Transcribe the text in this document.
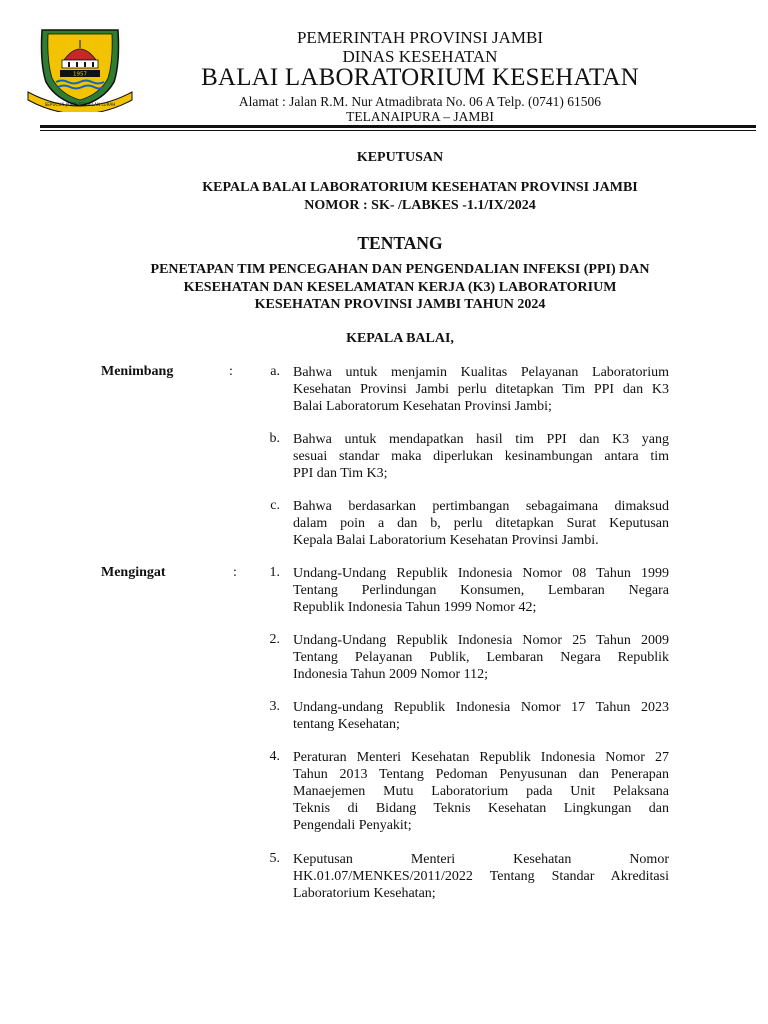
1957
SEPUCUK JAMBI SEMBILAN LURAH
PEMERINTAH PROVINSI JAMBI
DINAS KESEHATAN
BALAI LABORATORIUM KESEHATAN
Alamat : Jalan R.M. Nur Atmadibrata No. 06 A Telp. (0741) 61506
TELANAIPURA – JAMBI
KEPUTUSAN
KEPALA BALAI LABORATORIUM KESEHATAN PROVINSI JAMBI
NOMOR : SK- /LABKES -1.1/IX/2024
TENTANG
PENETAPAN TIM PENCEGAHAN DAN PENGENDALIAN INFEKSI (PPI) DAN
KESEHATAN DAN KESELAMATAN KERJA (K3) LABORATORIUM
KESEHATAN PROVINSI JAMBI TAHUN 2024
KEPALA BALAI,
Menimbang	:	a. Bahwa untuk menjamin Kualitas Pelayanan Laboratorium
Kesehatan Provinsi Jambi perlu ditetapkan Tim PPI dan K3
Balai Laboratorum Kesehatan Provinsi Jambi;
b. Bahwa untuk mendapatkan hasil tim PPI dan K3 yang
sesuai standar maka diperlukan kesinambungan antara tim
PPI dan Tim K3;
c. Bahwa berdasarkan pertimbangan sebagaimana dimaksud
dalam poin a dan b, perlu ditetapkan Surat Keputusan
Kepala Balai Laboratorium Kesehatan Provinsi Jambi.
Mengingat	:	1. Undang-Undang Republik Indonesia Nomor 08 Tahun 1999
Tentang Perlindungan Konsumen, Lembaran Negara
Republik Indonesia Tahun 1999 Nomor 42;
2. Undang-Undang Republik Indonesia Nomor 25 Tahun 2009
Tentang Pelayanan Publik, Lembaran Negara Republik
Indonesia Tahun 2009 Nomor 112;
3. Undang-undang Republik Indonesia Nomor 17 Tahun 2023
tentang Kesehatan;
4. Peraturan Menteri Kesehatan Republik Indonesia Nomor 27
Tahun 2013 Tentang Pedoman Penyusunan dan Penerapan
Manaejemen Mutu Laboratorium pada Unit Pelaksana
Teknis di Bidang Teknis Kesehatan Lingkungan dan
Pengendali Penyakit;
5. Keputusan Menteri Kesehatan Nomor
HK.01.07/MENKES/2011/2022 Tentang Standar Akreditasi
Laboratorium Kesehatan;
